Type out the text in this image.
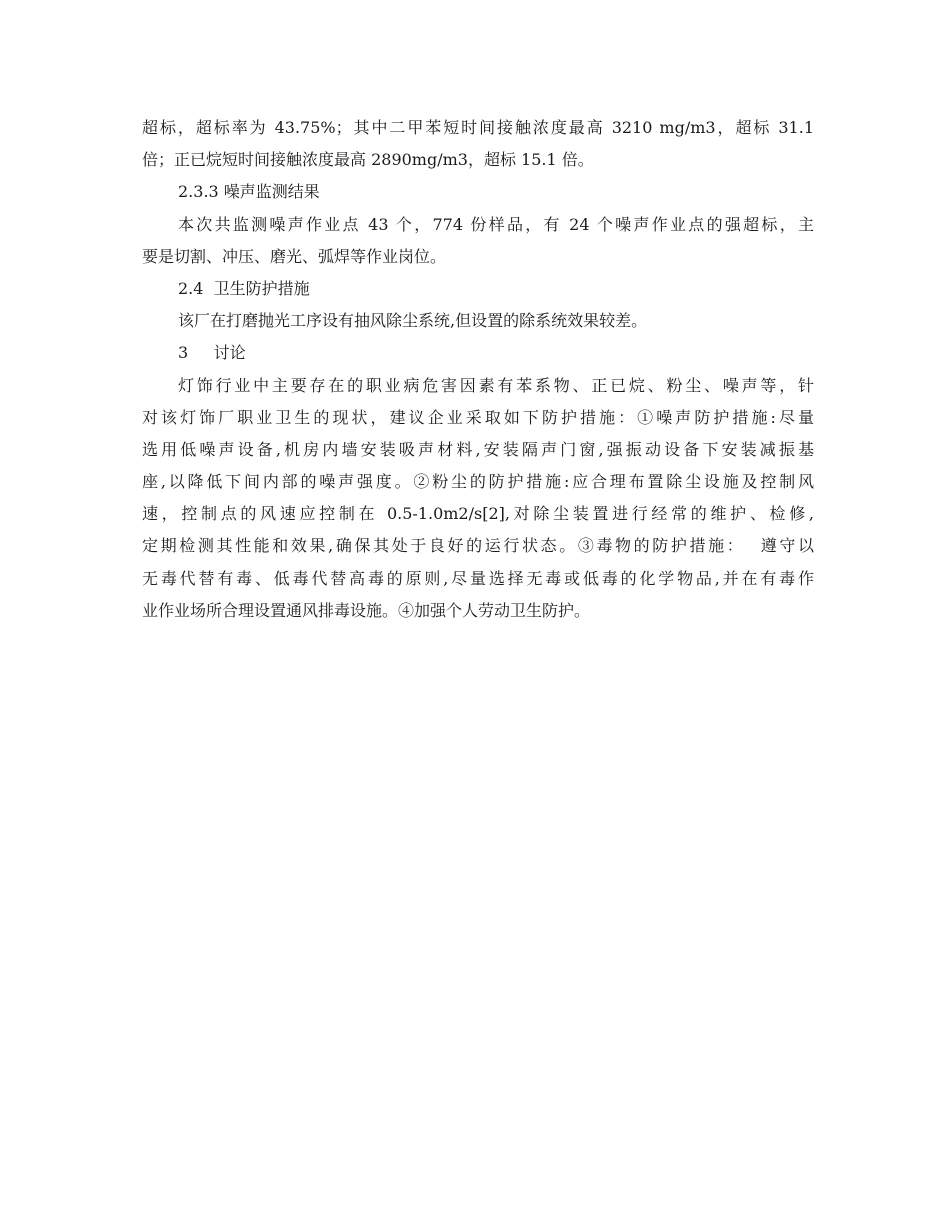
超标，超标率为 43.75%；其中二甲苯短时间接触浓度最高 3210 mg/m3，超标 31.1

倍；正已烷短时间接触浓度最高 2890mg/m3，超标 15.1 倍。

2.3.3 噪声监测结果

本次共监测噪声作业点 43 个，774 份样品，有 24 个噪声作业点的强超标，主

要是切割、冲压、磨光、弧焊等作业岗位。

2.4  卫生防护措施

该厂在打磨抛光工序设有抽风除尘系统,但设置的除系统效果较差。

3     讨论

灯饰行业中主要存在的职业病危害因素有苯系物、正已烷、粉尘、噪声等，针

对该灯饰厂职业卫生的现状，建议企业采取如下防护措施：①噪声防护措施:尽量

选用低噪声设备,机房内墙安装吸声材料,安装隔声门窗,强振动设备下安装减振基

座,以降低下间内部的噪声强度。②粉尘的防护措施:应合理布置除尘设施及控制风

速，控制点的风速应控制在 0.5-1.0m2/s[2],对除尘装置进行经常的维护、检修,

定期检测其性能和效果,确保其处于良好的运行状态。③毒物的防护措施：  遵守以

无毒代替有毒、低毒代替高毒的原则,尽量选择无毒或低毒的化学物品,并在有毒作

业作业场所合理设置通风排毒设施。④加强个人劳动卫生防护。
